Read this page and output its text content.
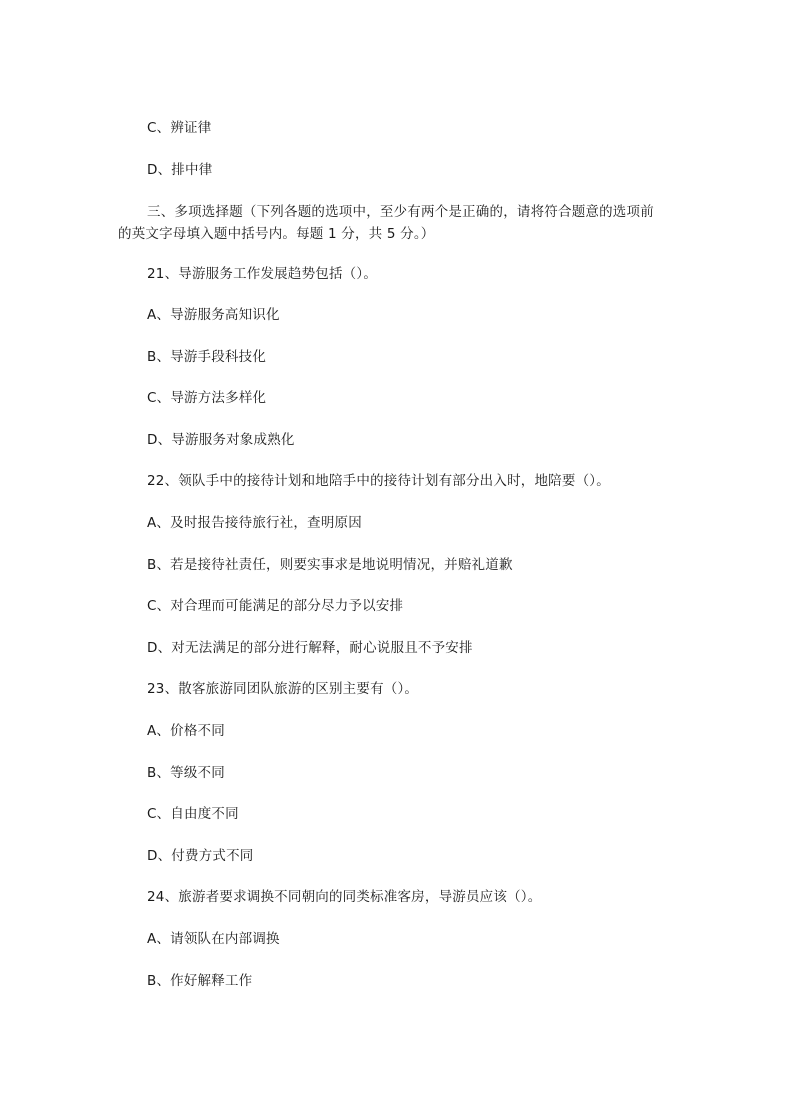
C、辨证律
D、排中律
三、多项选择题（下列各题的选项中，至少有两个是正确的，请将符合题意的选项前的英文字母填入题中括号内。每题 1 分，共 5 分。）
21、导游服务工作发展趋势包括（）。
A、导游服务高知识化
B、导游手段科技化
C、导游方法多样化
D、导游服务对象成熟化
22、领队手中的接待计划和地陪手中的接待计划有部分出入时，地陪要（）。
A、及时报告接待旅行社，查明原因
B、若是接待社责任，则要实事求是地说明情况，并赔礼道歉
C、对合理而可能满足的部分尽力予以安排
D、对无法满足的部分进行解释，耐心说服且不予安排
23、散客旅游同团队旅游的区别主要有（）。
A、价格不同
B、等级不同
C、自由度不同
D、付费方式不同
24、旅游者要求调换不同朝向的同类标准客房，导游员应该（）。
A、请领队在内部调换
B、作好解释工作
